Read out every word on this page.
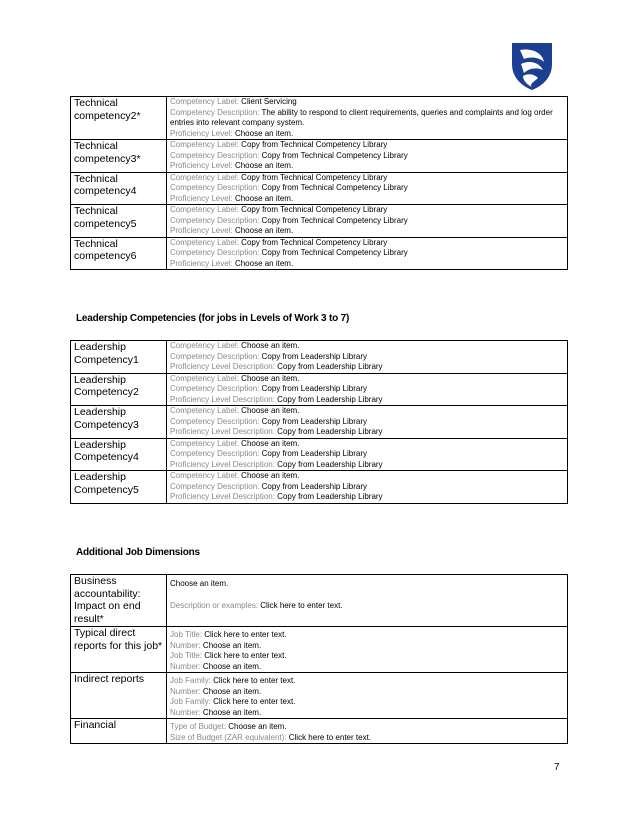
Technical competency2*	Competency Label: Client Servicing
Competency Description: The ability to respond to client requirements, queries and complaints and log order entries into relevant company system.
Proficiency Level: Choose an item.

Technical competency3*	Competency Label: Copy from Technical Competency Library
Competency Description: Copy from Technical Competency Library
Proficiency Level: Choose an item.

Technical competency4	Competency Label: Copy from Technical Competency Library
Competency Description: Copy from Technical Competency Library
Proficiency Level: Choose an item.

Technical competency5	Competency Label: Copy from Technical Competency Library
Competency Description: Copy from Technical Competency Library
Proficiency Level: Choose an item.

Technical competency6	Competency Label: Copy from Technical Competency Library
Competency Description: Copy from Technical Competency Library
Proficiency Level: Choose an item.
Leadership Competencies (for jobs in Levels of Work 3 to 7)
Leadership Competency1	Competency Label: Choose an item.
Competency Description: Copy from Leadership Library
Proficiency Level Description: Copy from Leadership Library

Leadership Competency2	Competency Label: Choose an item.
Competency Description: Copy from Leadership Library
Proficiency Level Description: Copy from Leadership Library

Leadership Competency3	Competency Label: Choose an item.
Competency Description: Copy from Leadership Library
Proficiency Level Description: Copy from Leadership Library

Leadership Competency4	Competency Label: Choose an item.
Competency Description: Copy from Leadership Library
Proficiency Level Description: Copy from Leadership Library

Leadership Competency5	Competency Label: Choose an item.
Competency Description: Copy from Leadership Library
Proficiency Level Description: Copy from Leadership Library
Additional Job Dimensions
Business accountability: Impact on end result*	Choose an item.
Description or examples: Click here to enter text.

Typical direct reports for this job*	Job Title: Click here to enter text.
Number: Choose an item.
Job Title: Click here to enter text.
Number: Choose an item.

Indirect reports	Job Family: Click here to enter text.
Number: Choose an item.
Job Family: Click here to enter text.
Number: Choose an item.

Financial	Type of Budget: Choose an item.
Size of Budget (ZAR equivalent): Click here to enter text.
7
